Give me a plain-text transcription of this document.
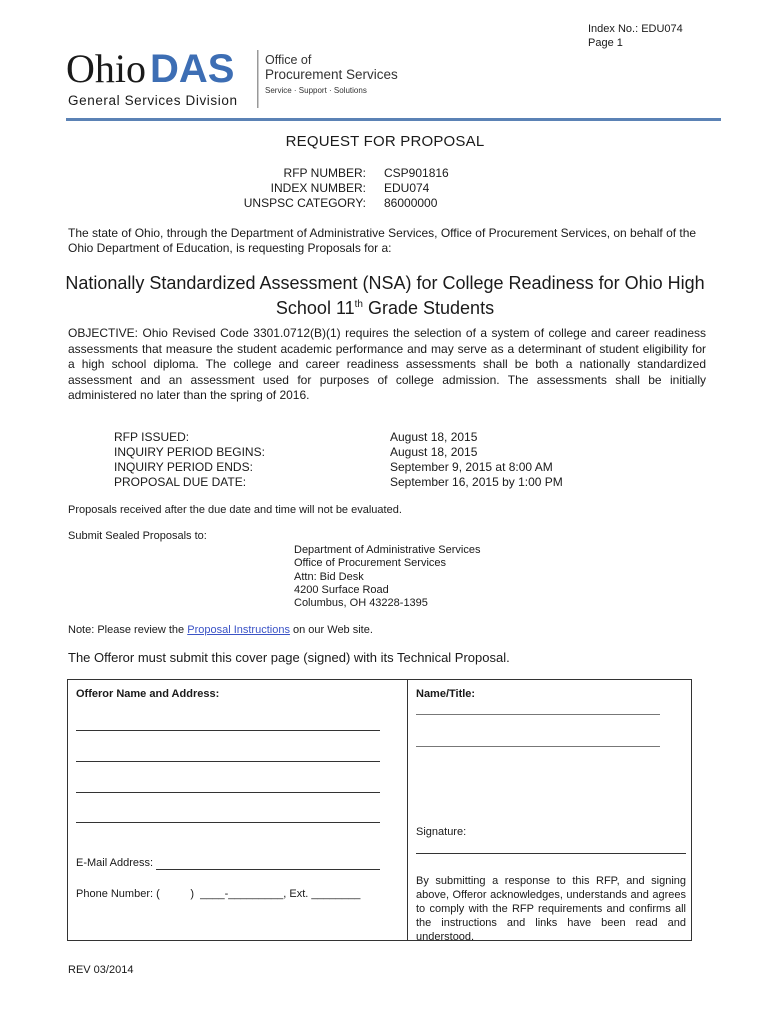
Index No.: EDU074
Page 1
Ohio DAS
General Services Division
Office of
Procurement Services
Service · Support · Solutions
REQUEST FOR PROPOSAL
RFP NUMBER: CSP901816
INDEX NUMBER: EDU074
UNSPSC CATEGORY: 86000000
The state of Ohio, through the Department of Administrative Services, Office of Procurement Services, on behalf of the Ohio Department of Education, is requesting Proposals for a:
Nationally Standardized Assessment (NSA) for College Readiness for Ohio High School 11th Grade Students
OBJECTIVE: Ohio Revised Code 3301.0712(B)(1) requires the selection of a system of college and career readiness assessments that measure the student academic performance and may serve as a determinant of student eligibility for a high school diploma. The college and career readiness assessments shall be both a nationally standardized assessment and an assessment used for purposes of college admission. The assessments shall be initially administered no later than the spring of 2016.
RFP ISSUED:	August 18, 2015
INQUIRY PERIOD BEGINS:	August 18, 2015
INQUIRY PERIOD ENDS:	September 9, 2015 at 8:00 AM
PROPOSAL DUE DATE:	September 16, 2015 by 1:00 PM
Proposals received after the due date and time will not be evaluated.
Submit Sealed Proposals to:
Department of Administrative Services
Office of Procurement Services
Attn: Bid Desk
4200 Surface Road
Columbus, OH 43228-1395
Note: Please review the Proposal Instructions on our Web site.
The Offeror must submit this cover page (signed) with its Technical Proposal.
Offeror Name and Address:	Name/Title:
E-Mail Address:
Phone Number: (          )  ____-_________, Ext. ________
Signature:
By submitting a response to this RFP, and signing above, Offeror acknowledges, understands and agrees to comply with the RFP requirements and confirms all the instructions and links have been read and understood.
REV 03/2014
